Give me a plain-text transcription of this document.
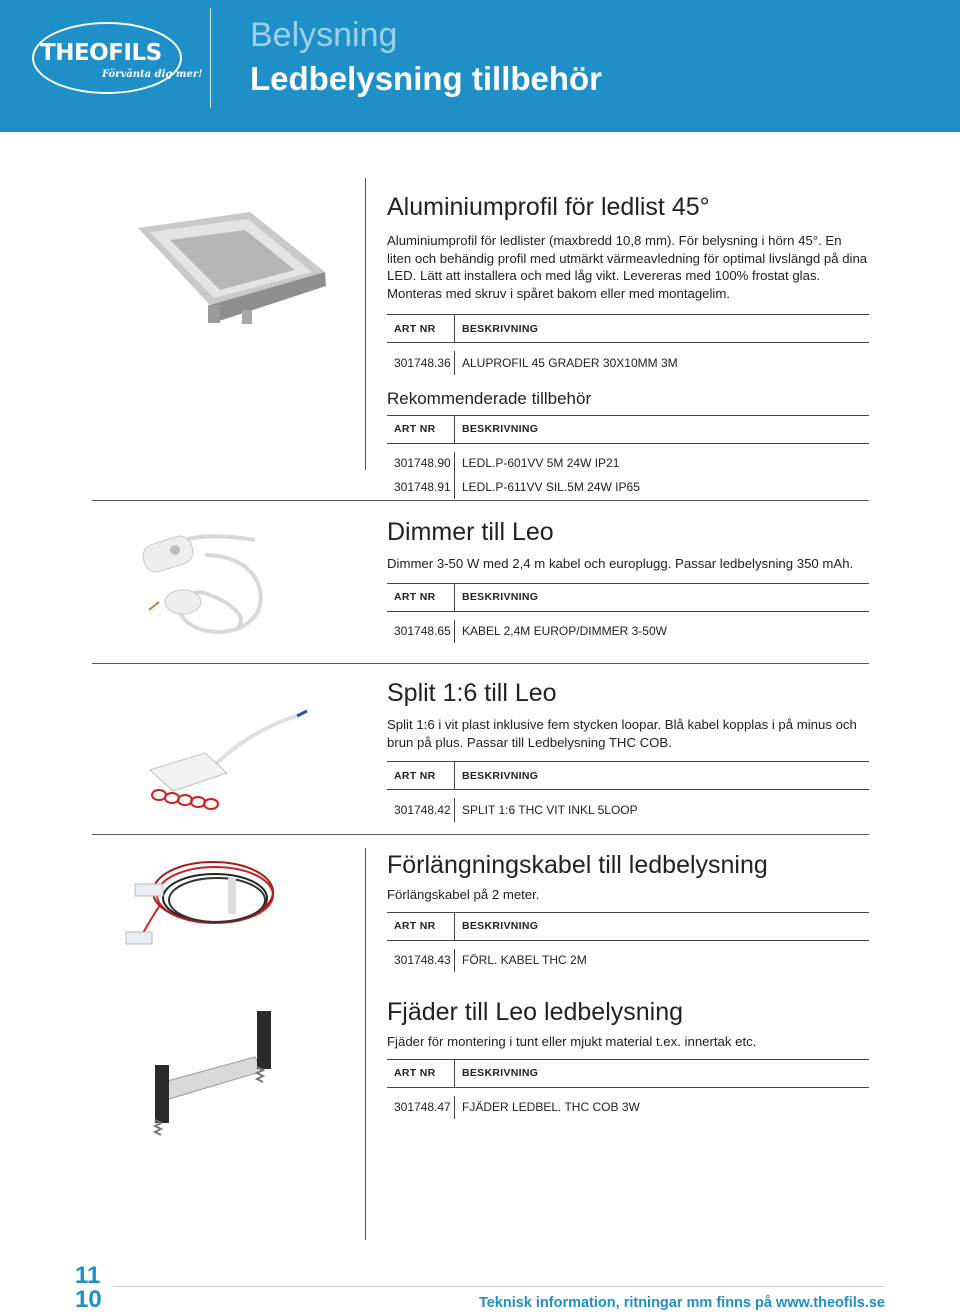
THEOFILS
Förvänta dig mer!
Belysning
Ledbelysning tillbehör
Aluminiumprofil för ledlist 45°
Aluminiumprofil för ledlister (maxbredd 10,8 mm). För belysning i hörn 45°. En liten och behändig profil med utmärkt värmeavledning för optimal livslängd på dina LED. Lätt att installera och med låg vikt. Levereras med 100% frostat glas. Monteras med skruv i spåret bakom eller med montagelim.
ART NR	BESKRIVNING
301748.36 ALUPROFIL 45 GRADER 30X10MM 3M
Rekommenderade tillbehör
ART NR	BESKRIVNING
301748.90 LEDL.P-601VV 5M 24W IP21
301748.91 LEDL.P-611VV SIL.5M 24W IP65
Dimmer till Leo
Dimmer 3-50 W med 2,4 m kabel och europlugg. Passar ledbelysning 350 mAh.
ART NR	BESKRIVNING
301748.65 KABEL 2,4M EUROP/DIMMER 3-50W
Split 1:6 till Leo
Split 1:6 i vit plast inklusive fem stycken loopar. Blå kabel kopplas i på minus och brun på plus. Passar till Ledbelysning THC COB.
ART NR	BESKRIVNING
301748.42 SPLIT 1:6 THC VIT INKL 5LOOP
Förlängningskabel till ledbelysning
Förlängskabel på 2 meter.
ART NR	BESKRIVNING
301748.43 FÖRL. KABEL THC 2M
Fjäder till Leo ledbelysning
Fjäder för montering i tunt eller mjukt material t.ex. innertak etc.
ART NR	BESKRIVNING
301748.47 FJÄDER LEDBEL. THC COB 3W
11
10	Teknisk information, ritningar mm finns på www.theofils.se
